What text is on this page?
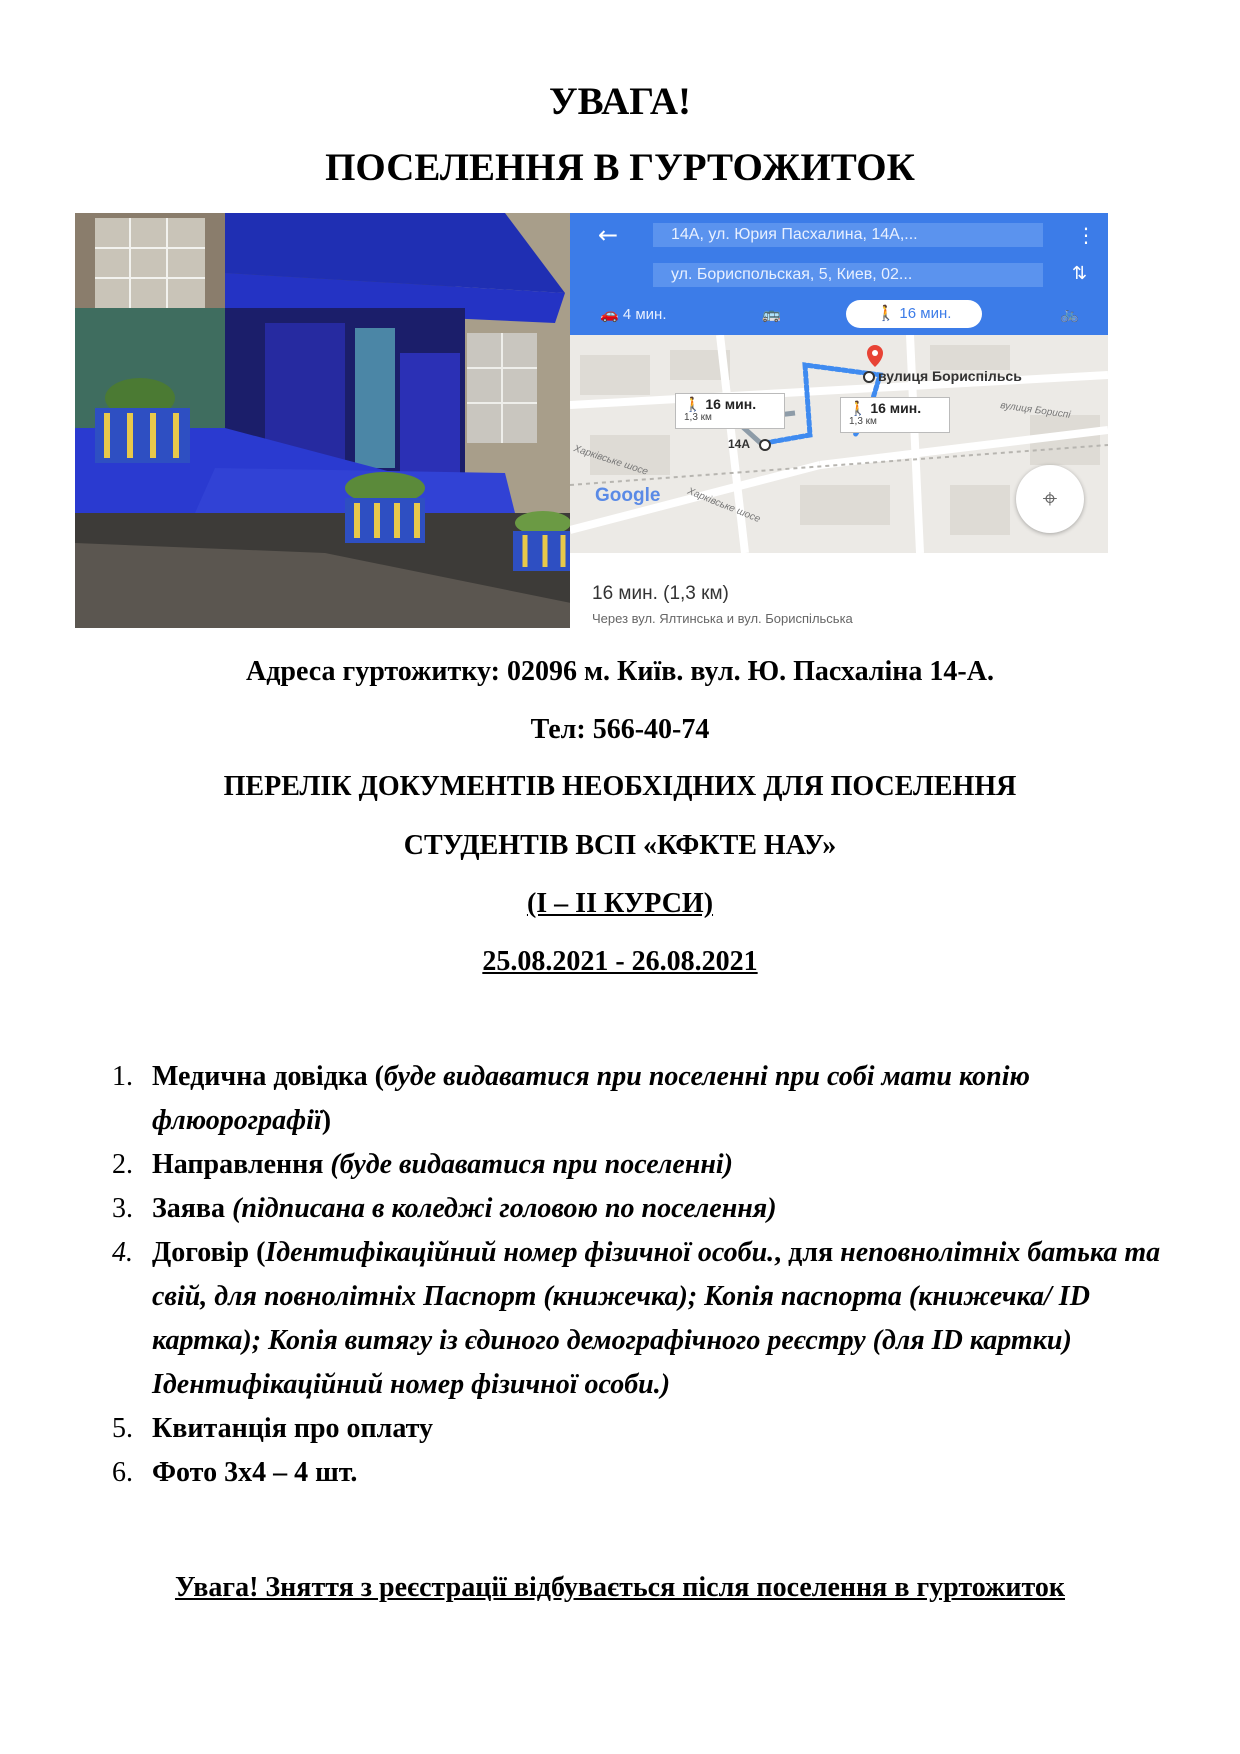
УВАГА!
ПОСЕЛЕННЯ В ГУРТОЖИТОК
←	14А, ул. Юрия Пасхалина, 14А,...	⋮
ул. Бориспольская, 5, Киев, 02...	⇅
🚗 4 мин.	🚌	🚶 16 мин.	🚲
вулиця Бориспільсь
🚶 16 мин.
1,3 км
🚶 16 мин.
1,3 км
вулиця Бориспі
Харківське шосе
Харківське шосе
14А
Google	⌖
16 мин. (1,3 км)
Через вул. Ялтинська и вул. Бориспільська

Адреса гуртожитку: 02096 м. Київ. вул. Ю. Пасхаліна 14-А.

Тел: 566-40-74

ПЕРЕЛІК ДОКУМЕНТІВ НЕОБХІДНИХ ДЛЯ ПОСЕЛЕННЯ

СТУДЕНТІВ ВСП «КФКТЕ НАУ»

(І – ІІ КУРСИ)

25.08.2021 - 26.08.2021

1. Медична довідка (буде видаватися при поселенні при собі мати копію флюорографії)
2. Направлення (буде видаватися при поселенні)
3. Заява (підписана в коледжі головою по поселення)
4. Договір (Ідентифікаційний номер фізичної особи., для неповнолітніх батька та свій, для повнолітніх Паспорт (книжечка); Копія паспорта (книжечка/ ID картка); Копія витягу із єдиного демографічного реєстру (для ID картки) Ідентифікаційний номер фізичної особи.)
5. Квитанція про оплату
6. Фото 3х4 – 4 шт.

Увага! Зняття з реєстрації відбувається після поселення в гуртожиток
